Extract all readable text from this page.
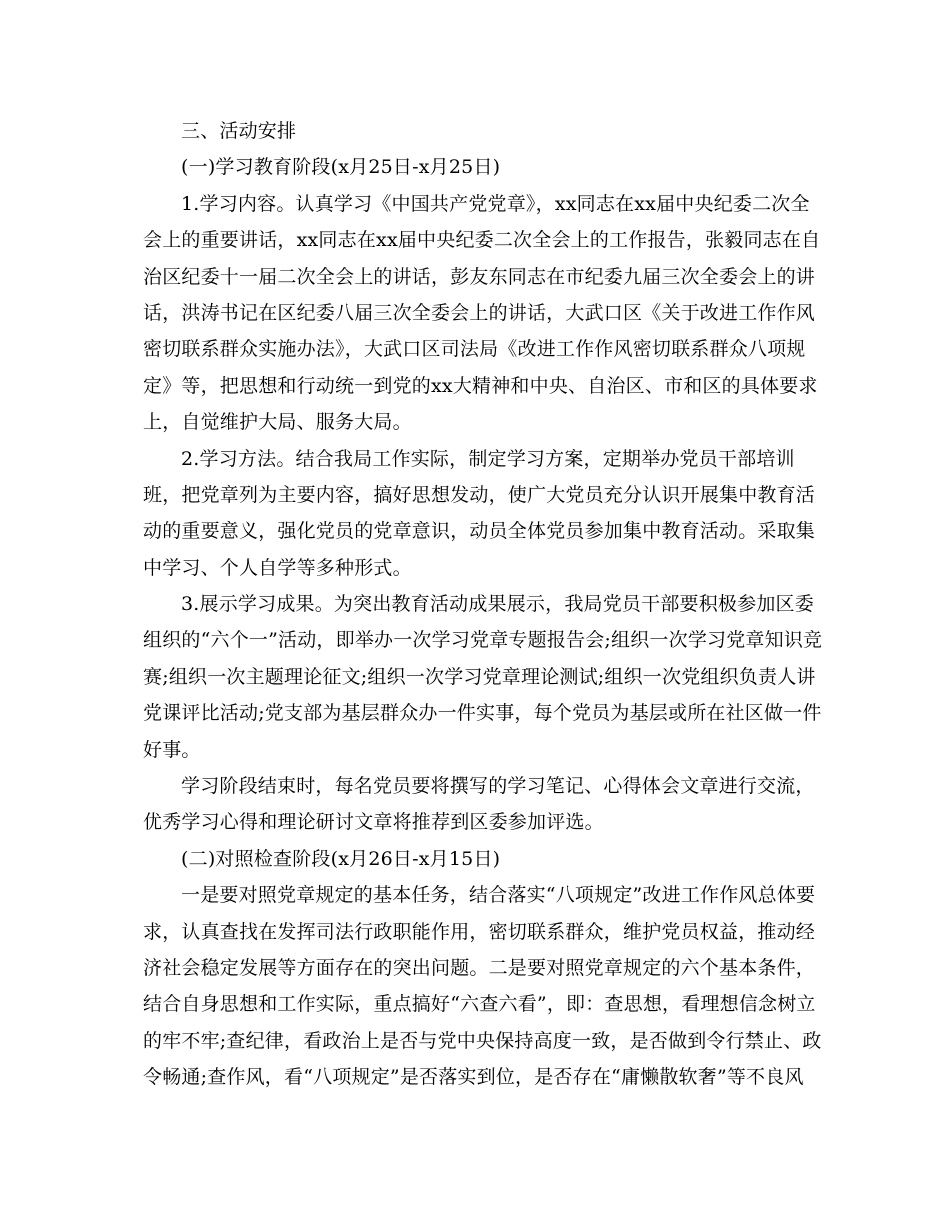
三、活动安排
(一)学习教育阶段(x月25日-x月25日)
1.学习内容。认真学习《中国共产党党章》，xx同志在xx届中央纪委二次全
会上的重要讲话，xx同志在xx届中央纪委二次全会上的工作报告，张毅同志在自
治区纪委十一届二次全会上的讲话，彭友东同志在市纪委九届三次全委会上的讲
话，洪涛书记在区纪委八届三次全委会上的讲话，大武口区《关于改进工作作风
密切联系群众实施办法》，大武口区司法局《改进工作作风密切联系群众八项规
定》等，把思想和行动统一到党的xx大精神和中央、自治区、市和区的具体要求
上，自觉维护大局、服务大局。
2.学习方法。结合我局工作实际，制定学习方案，定期举办党员干部培训
班，把党章列为主要内容，搞好思想发动，使广大党员充分认识开展集中教育活
动的重要意义，强化党员的党章意识，动员全体党员参加集中教育活动。采取集
中学习、个人自学等多种形式。
3.展示学习成果。为突出教育活动成果展示，我局党员干部要积极参加区委
组织的“六个一”活动，即举办一次学习党章专题报告会;组织一次学习党章知识竞
赛;组织一次主题理论征文;组织一次学习党章理论测试;组织一次党组织负责人讲
党课评比活动;党支部为基层群众办一件实事，每个党员为基层或所在社区做一件
好事。
学习阶段结束时，每名党员要将撰写的学习笔记、心得体会文章进行交流，
优秀学习心得和理论研讨文章将推荐到区委参加评选。
(二)对照检查阶段(x月26日-x月15日)
一是要对照党章规定的基本任务，结合落实“八项规定”改进工作作风总体要
求，认真查找在发挥司法行政职能作用，密切联系群众，维护党员权益，推动经
济社会稳定发展等方面存在的突出问题。二是要对照党章规定的六个基本条件，
结合自身思想和工作实际，重点搞好“六查六看”，即：查思想，看理想信念树立
的牢不牢;查纪律，看政治上是否与党中央保持高度一致，是否做到令行禁止、政
令畅通;查作风，看“八项规定”是否落实到位，是否存在“庸懒散软奢”等不良风
